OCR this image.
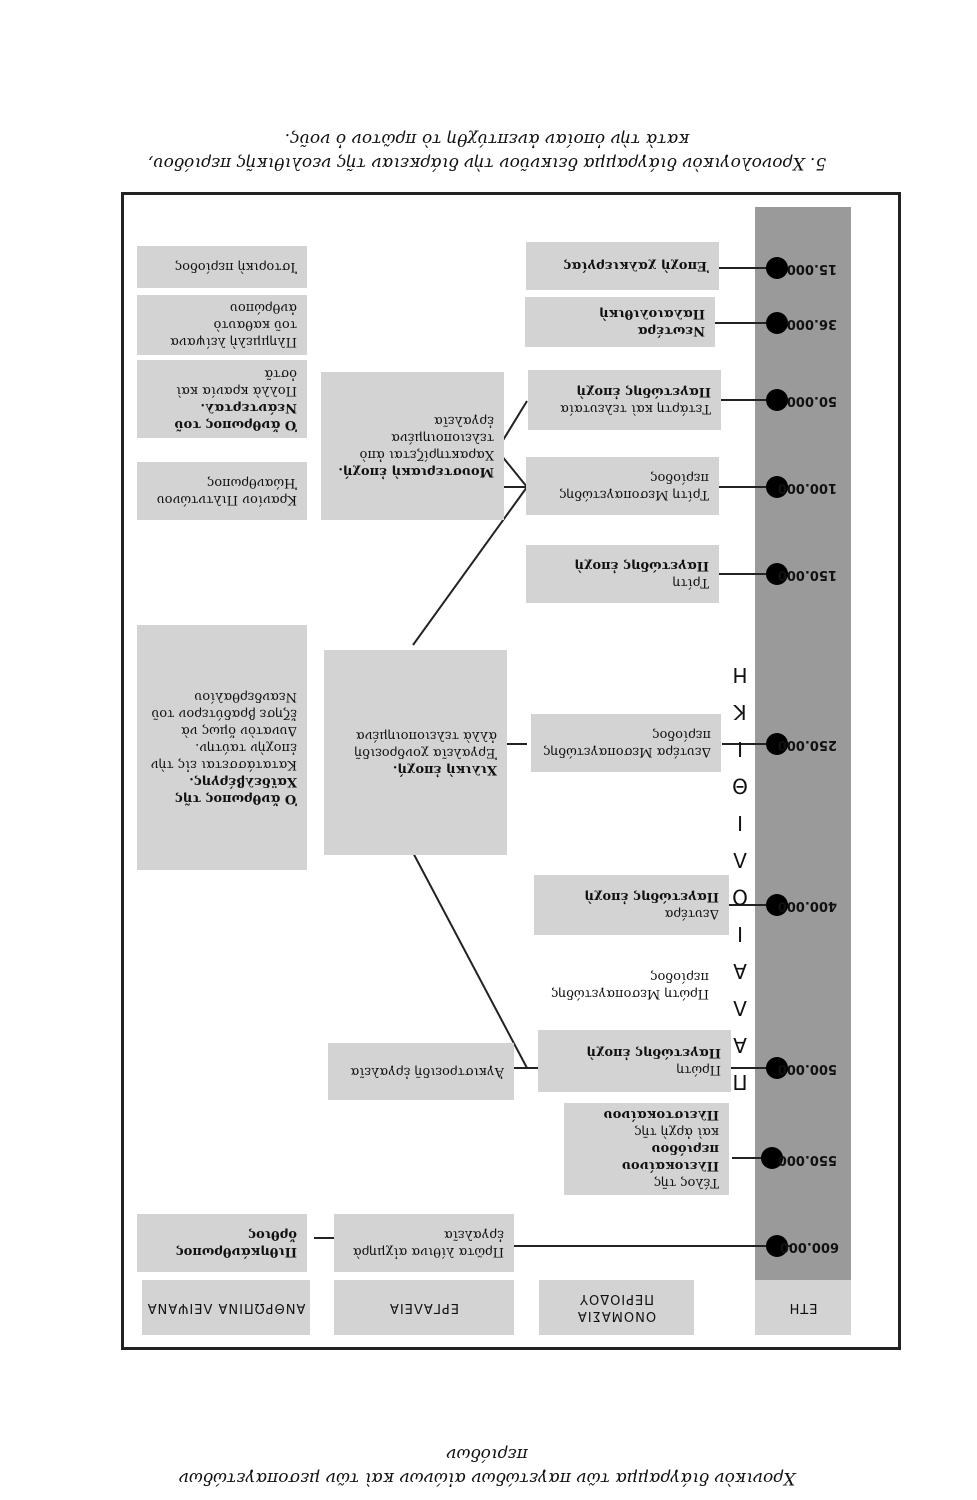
Χρονικὸν διάγραμμα τῶν παγετώδων αἰώνων καὶ τῶν μεσοπαγετώδων
περιόδων
ΕΤΗ
ΟΝΟΜΑΣΙΑ ΠΕΡΙΟΔΟΥ
ΕΡΓΑΛΕΙΑ
ΑΝΘΡΩΠΙΝΑ ΛΕΙΨΑΝΑ
600.000
550.000
500.000
400.000
250.000
150.000
100.000
50.000
36.000
15.000
Π
Α
Λ
Α
Ι
Ο
Λ
Ι
Θ
Ι
Κ
Η
Πρῶτα λίθινα αἰχμηρὰ ἐργαλεῖα
Τέλος τῆς
Πλειοκαίνου περιόδου
καὶ ἀρχὴ τῆς
Πλειστοκαίνου
Πρώτη
Παγετώδης ἐποχὴ
Ἀγκιστροειδῆ ἐργαλεῖα
Πρώτη Μεσοπαγετώδης περίοδος
Δευτέρα
Παγετώδης ἐποχὴ
Χιλικὴ ἐποχή.
Ἐργαλεῖα χονδροειδῆ ἀλλὰ τελειοποιημένα
Ὁ ἄνθρωπος τῆς Χαϊδελβέργης.
Κατατάσσεται εἰς τὴν ἐποχὴν ταύτην. Δυνατὸν ὅμως νὰ ἔζησε βραδύτερον τοῦ Νεανδερθαλίου
Δευτέρα Μεσοπαγετώδης περίοδος
Τρίτη
Παγετώδης ἐποχὴ
Τρίτη Μεσοπαγετώδης περίοδος
Μουστεριακὴ ἐποχή.
Χαρακτηρίζεται ἀπὸ τελειοποιημένα ἐργαλεῖα
Κρανίον Πιλτντώνου Ἠώανθρωπος
Τετάρτη καὶ τελευταία
Παγετώδης ἐποχὴ
Ὁ ἄνθρωπος τοῦ Νεάντερταλ.
Πολλὰ κρανία καὶ ὀστᾶ
Νεωτέρα Παλαιολιθικὴ
Πλημμελὴ λείψανα τοῦ καθαυτὸ ἀνθρώπου
Ἐποχὴ χαλκιεργίας
Ἱστορικὴ περίοδος
Πιθηκάνθρωπος ὄρθιος
5. Χρονολογικὸν διάγραμμα δεικνῦον τὴν διάρκειαν τῆς νεολιθικῆς περιόδου,
κατὰ τὴν ὁποίαν ἀνεπτύχθη τὸ πρῶτον ὁ νοῦς.
